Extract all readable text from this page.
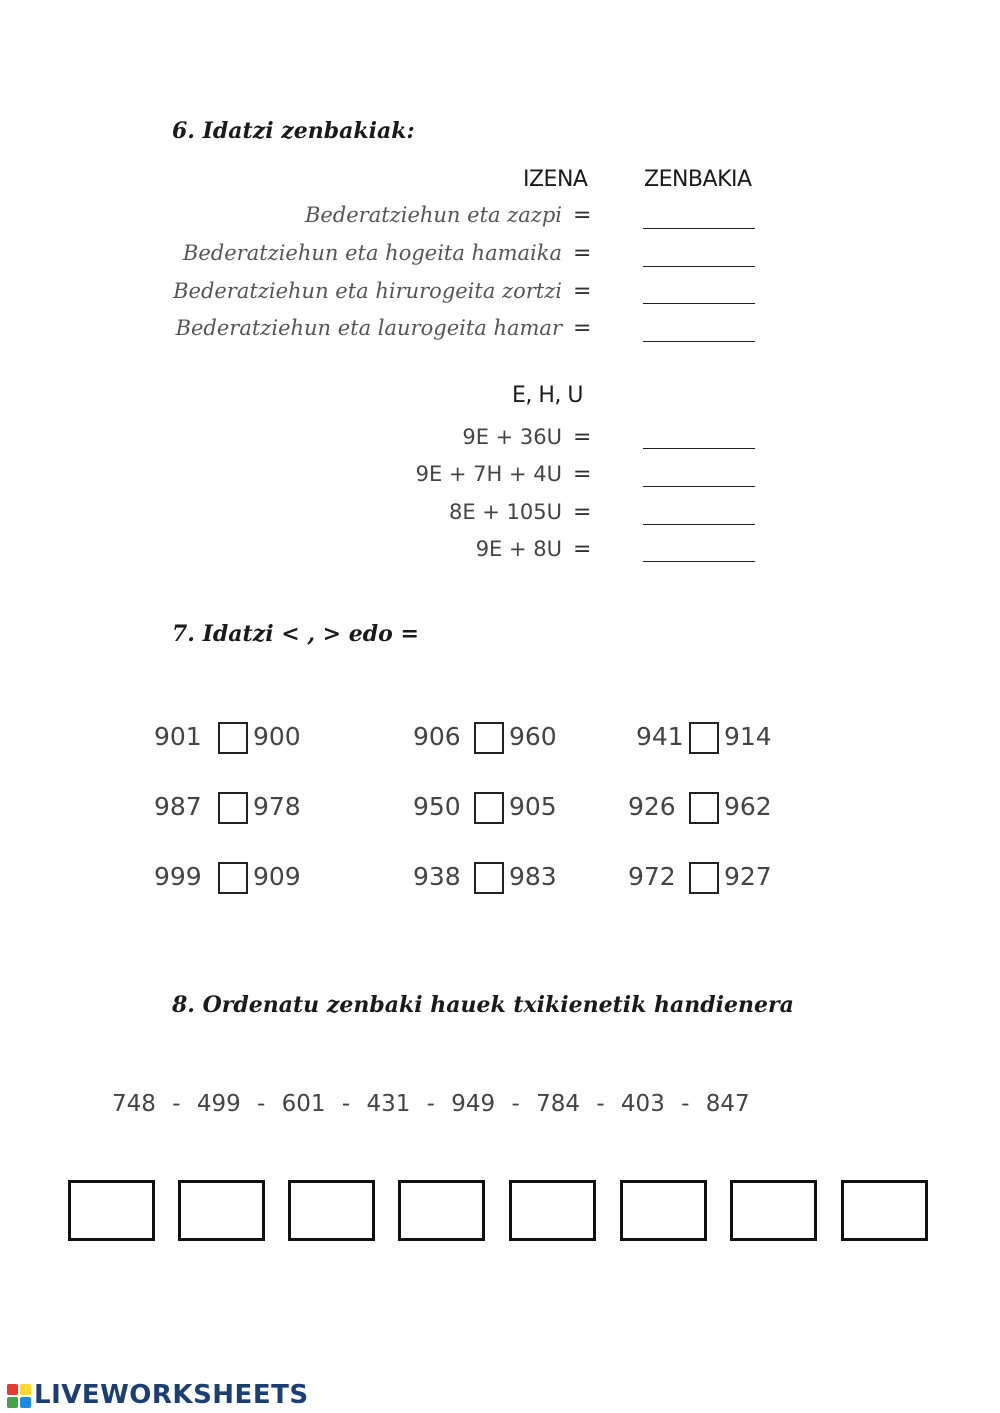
6. Idatzi zenbakiak:
IZENA	ZENBAKIA
Bederatziehun eta zazpi =
Bederatziehun eta hogeita hamaika =
Bederatziehun eta hirurogeita zortzi =
Bederatziehun eta laurogeita hamar =
E, H, U
9E + 36U =
9E + 7H + 4U =
8E + 105U =
9E + 8U =
7. Idatzi < , > edo =
901 900	906 960	941 914
987 978	950 905	926 962
999 909	938 983	972 927
8. Ordenatu zenbaki hauek txikienetik handienera
748 - 499 - 601 - 431 - 949 - 784 - 403 - 847
LIVEWORKSHEETS
